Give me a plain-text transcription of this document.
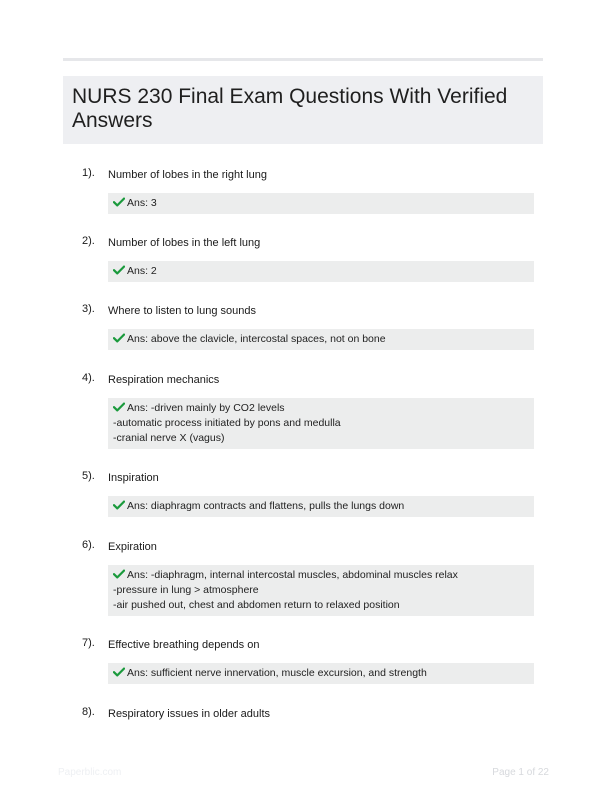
NURS 230 Final Exam Questions With Verified
Answers
1). Number of lobes in the right lung
Ans: 3
2). Number of lobes in the left lung
Ans: 2
3). Where to listen to lung sounds
Ans: above the clavicle, intercostal spaces, not on bone
4). Respiration mechanics
Ans: -driven mainly by CO2 levels
-automatic process initiated by pons and medulla
-cranial nerve X (vagus)
5). Inspiration
Ans: diaphragm contracts and flattens, pulls the lungs down
6). Expiration
Ans: -diaphragm, internal intercostal muscles, abdominal muscles relax
-pressure in lung > atmosphere
-air pushed out, chest and abdomen return to relaxed position
7). Effective breathing depends on
Ans: sufficient nerve innervation, muscle excursion, and strength
8). Respiratory issues in older adults
Paperblic.com	Page 1 of 22
